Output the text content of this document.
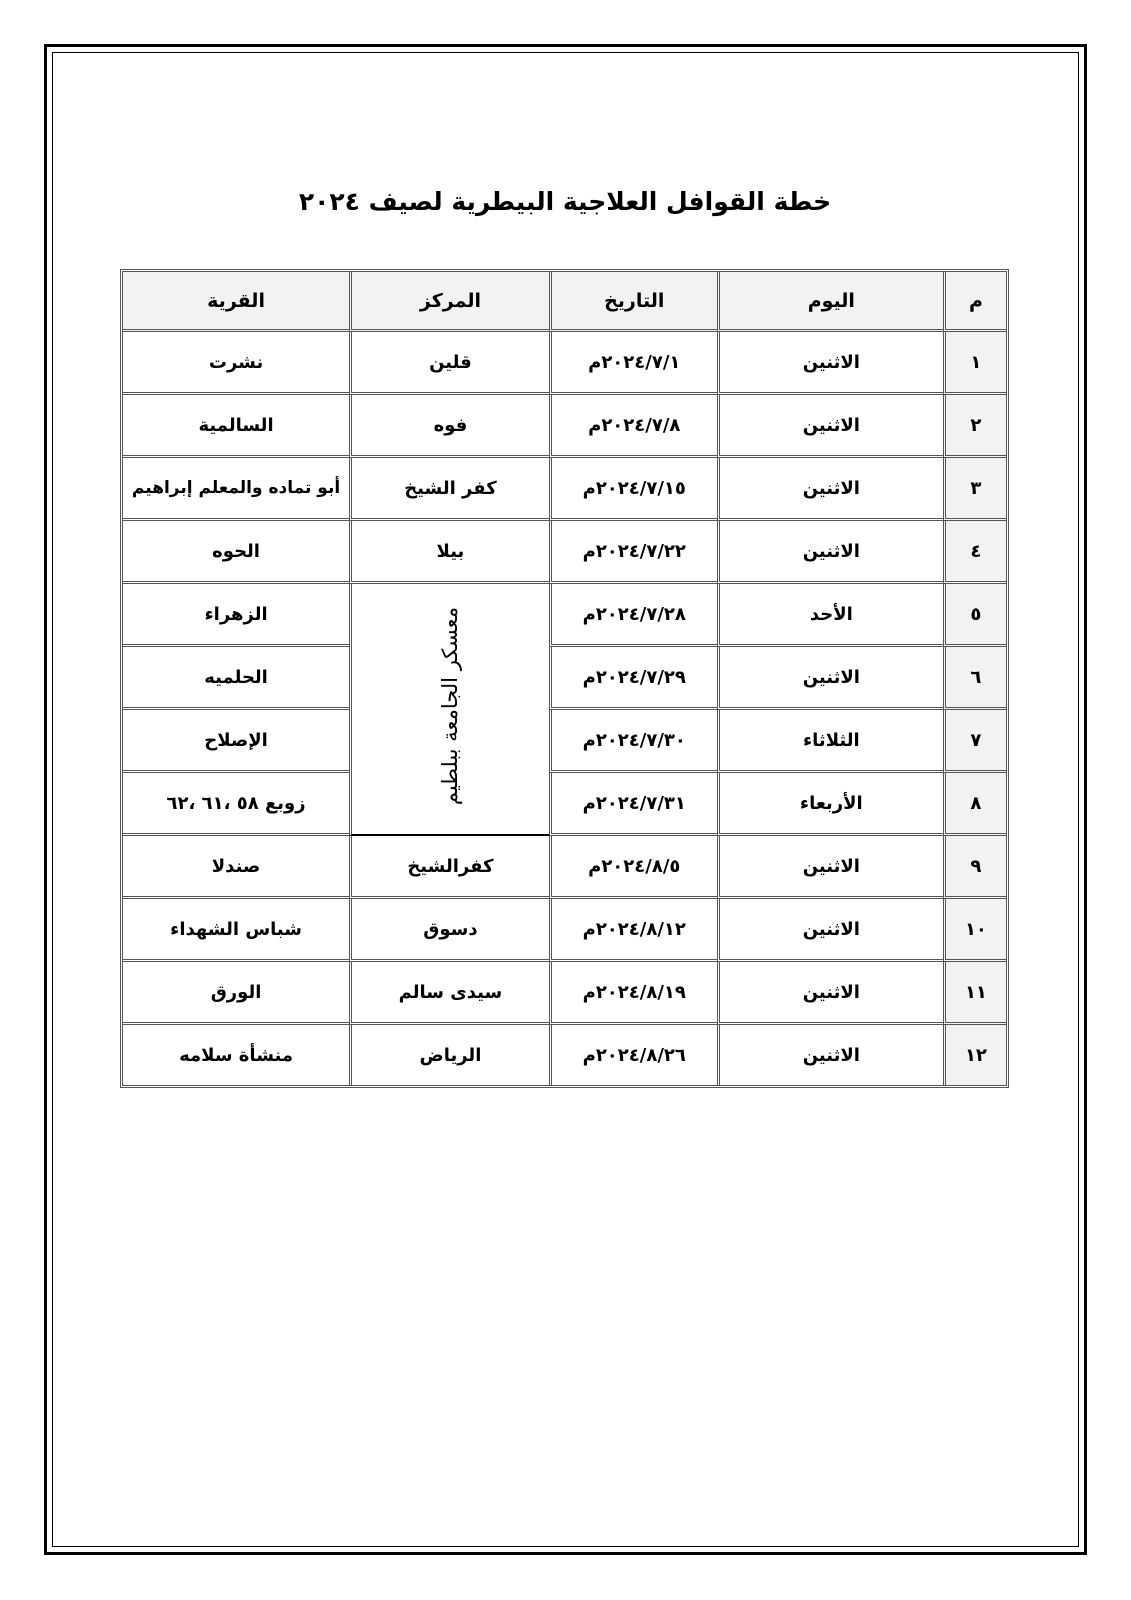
خطة القوافل العلاجية البيطرية لصيف ٢٠٢٤
م	اليوم	التاريخ	المركز	القرية
١	الاثنين	٢٠٢٤/٧/١م	قلين	نشرت
٢	الاثنين	٢٠٢٤/٧/٨م	فوه	السالمية
٣	الاثنين	٢٠٢٤/٧/١٥م	كفر الشيخ	أبو تماده والمعلم إبراهيم
٤	الاثنين	٢٠٢٤/٧/٢٢م	بيلا	الحوه
٥	الأحد	٢٠٢٤/٧/٢٨م	معسكر الجامعة ببلطيم	الزهراء
٦	الاثنين	٢٠٢٤/٧/٢٩م		الحلميه
٧	الثلاثاء	٢٠٢٤/٧/٣٠م		الإصلاح
٨	الأربعاء	٢٠٢٤/٧/٣١م		زوبع ٥٨ ،٦١ ،٦٢
٩	الاثنين	٢٠٢٤/٨/٥م	كفرالشيخ	صندلا
١٠	الاثنين	٢٠٢٤/٨/١٢م	دسوق	شباس الشهداء
١١	الاثنين	٢٠٢٤/٨/١٩م	سيدى سالم	الورق
١٢	الاثنين	٢٠٢٤/٨/٢٦م	الرياض	منشأة سلامه
